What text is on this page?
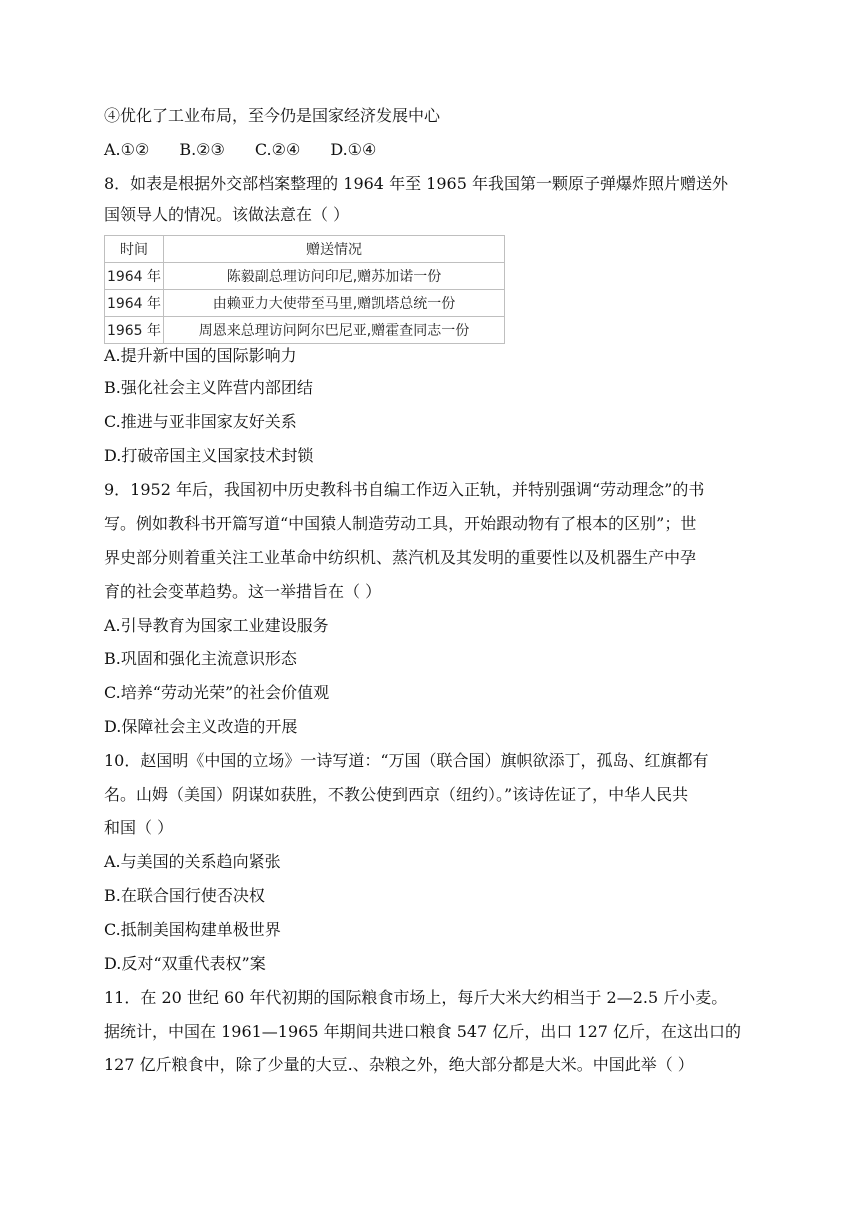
④优化了工业布局，至今仍是国家经济发展中心
A.①② B.②③ C.②④ D.①④
8．如表是根据外交部档案整理的 1964 年至 1965 年我国第一颗原子弹爆炸照片赠送外
国领导人的情况。该做法意在（ ）
时间	赠送情况
1964 年	陈毅副总理访问印尼,赠苏加诺一份
1964 年	由赖亚力大使带至马里,赠凯塔总统一份
1965 年	周恩来总理访问阿尔巴尼亚,赠霍查同志一份
A.提升新中国的国际影响力
B.强化社会主义阵营内部团结
C.推进与亚非国家友好关系
D.打破帝国主义国家技术封锁
9．1952 年后，我国初中历史教科书自编工作迈入正轨，并特别强调“劳动理念”的书
写。例如教科书开篇写道“中国猿人制造劳动工具，开始跟动物有了根本的区别”；世
界史部分则着重关注工业革命中纺织机、蒸汽机及其发明的重要性以及机器生产中孕
育的社会变革趋势。这一举措旨在（ ）
A.引导教育为国家工业建设服务
B.巩固和强化主流意识形态
C.培养“劳动光荣”的社会价值观
D.保障社会主义改造的开展
10．赵国明《中国的立场》一诗写道：“万国（联合国）旗帜欲添丁，孤岛、红旗都有
名。山姆（美国）阴谋如获胜，不教公使到西京（纽约）。”该诗佐证了，中华人民共
和国（ ）
A.与美国的关系趋向紧张
B.在联合国行使否决权
C.抵制美国构建单极世界
D.反对“双重代表权”案
11．在 20 世纪 60 年代初期的国际粮食市场上，每斤大米大约相当于 2—2.5 斤小麦。
据统计，中国在 1961—1965 年期间共进口粮食 547 亿斤，出口 127 亿斤，在这出口的
127 亿斤粮食中，除了少量的大豆.、杂粮之外，绝大部分都是大米。中国此举（ ）
